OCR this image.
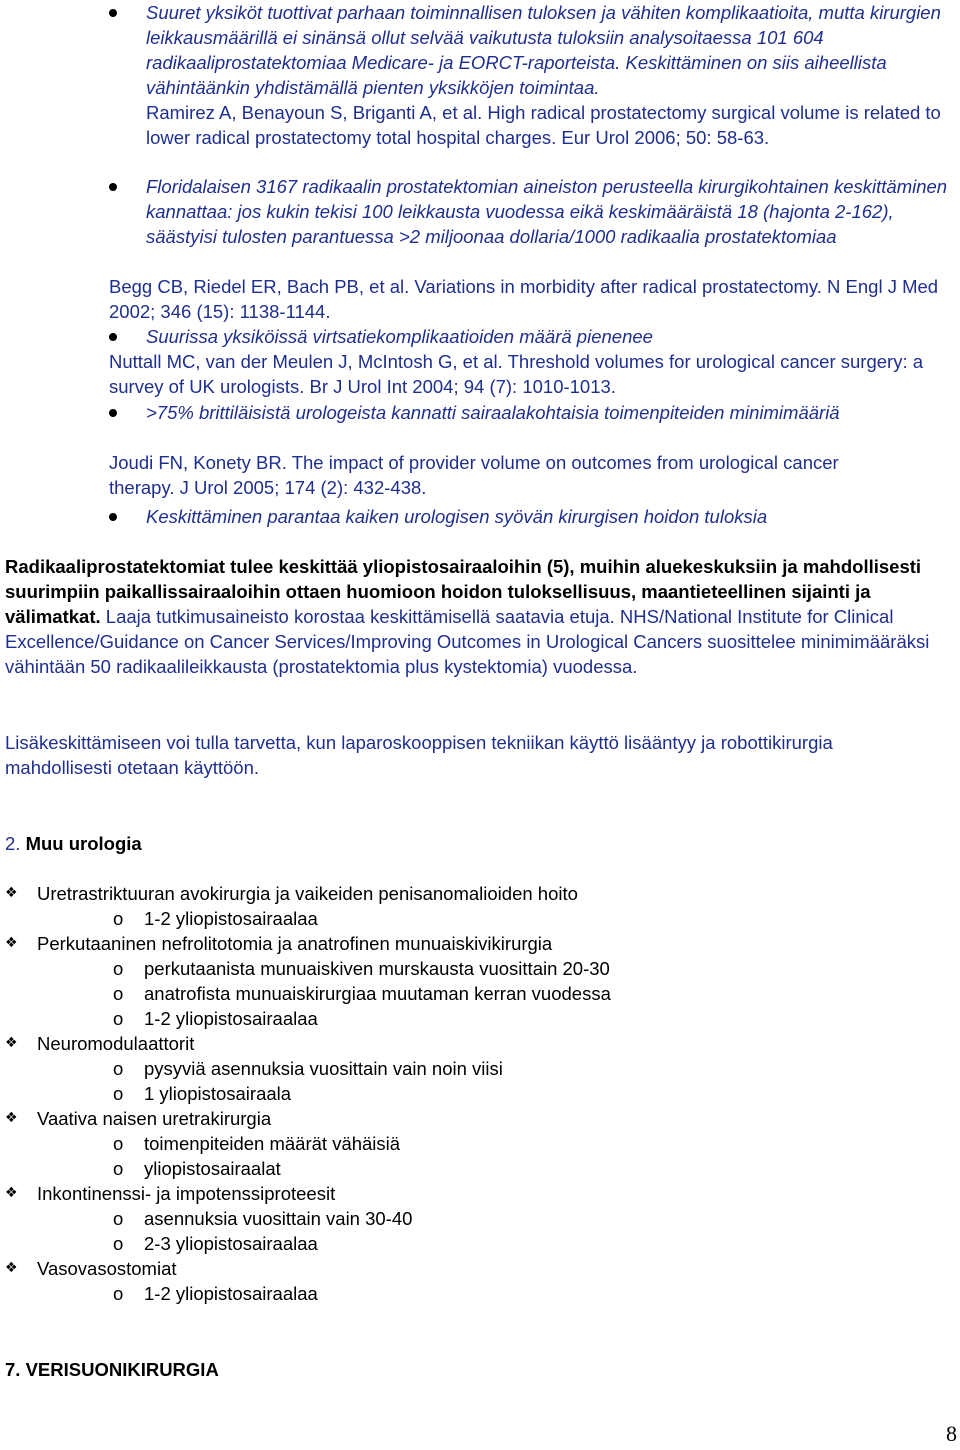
Suuret yksiköt tuottivat parhaan toiminnallisen tuloksen ja vähiten komplikaatioita, mutta kirurgien leikkausmäärillä ei sinänsä ollut selvää vaikutusta tuloksiin analysoitaessa 101 604 radikaaliprostatektomiaa Medicare- ja EORCT-raporteista. Keskittäminen on siis aiheellista vähintäänkin yhdistämällä pienten yksikköjen toimintaa.
Ramirez A, Benayoun S, Briganti A, et al. High radical prostatectomy surgical volume is related to lower radical prostatectomy total hospital charges. Eur Urol 2006; 50: 58-63.
Floridalaisen 3167 radikaalin prostatektomian aineiston perusteella kirurgikohtainen keskittäminen kannattaa: jos kukin tekisi 100 leikkausta vuodessa eikä keskimääräistä 18 (hajonta 2-162), säästyisi tulosten parantuessa >2 miljoonaa dollaria/1000 radikaalia prostatektomiaa
Begg CB, Riedel ER, Bach PB, et al. Variations in morbidity after radical prostatectomy. N Engl J Med 2002; 346 (15): 1138-1144.
Suurissa yksiköissä virtsatiekomplikaatioiden määrä pienenee
Nuttall MC, van der Meulen J, McIntosh G, et al. Threshold volumes for urological cancer surgery: a survey of UK urologists. Br J Urol Int 2004; 94 (7): 1010-1013.
>75% brittiläisistä urologeista kannatti sairaalakohtaisia toimenpiteiden minimimääriä
Joudi FN, Konety BR. The impact of provider volume on outcomes from urological cancer therapy. J Urol 2005; 174 (2): 432-438.
Keskittäminen parantaa kaiken urologisen syövän kirurgisen hoidon tuloksia
Radikaaliprostatektomiat tulee keskittää yliopistosairaaloihin (5), muihin aluekeskuksiin ja mahdollisesti suurimpiin paikallissairaaloihin ottaen huomioon hoidon tuloksellisuus, maantieteellinen sijainti ja välimatkat. Laaja tutkimusaineisto korostaa keskittämisellä saatavia etuja. NHS/National Institute for Clinical Excellence/Guidance on Cancer Services/Improving Outcomes in Urological Cancers suosittelee minimimääräksi vähintään 50 radikaalileikkausta (prostatektomia plus kystektomia) vuodessa.
Lisäkeskittämiseen voi tulla tarvetta, kun laparoskooppisen tekniikan käyttö lisääntyy ja robottikirurgia mahdollisesti otetaan käyttöön.
2. Muu urologia
❖ Uretrastriktuuran avokirurgia ja vaikeiden penisanomalioiden hoito
o 1-2 yliopistosairaalaa
❖ Perkutaaninen nefrolitotomia ja anatrofinen munuaiskivikirurgia
o perkutaanista munuaiskiven murskausta vuosittain 20-30
o anatrofista munuaiskirurgiaa muutaman kerran vuodessa
o 1-2 yliopistosairaalaa
❖ Neuromodulaattorit
o pysyviä asennuksia vuosittain vain noin viisi
o 1 yliopistosairaala
❖ Vaativa naisen uretrakirurgia
o toimenpiteiden määrät vähäisiä
o yliopistosairaalat
❖ Inkontinenssi- ja impotenssiproteesit
o asennuksia vuosittain vain 30-40
o 2-3 yliopistosairaalaa
❖ Vasovasostomiat
o 1-2 yliopistosairaalaa
7. VERISUONIKIRURGIA
8
